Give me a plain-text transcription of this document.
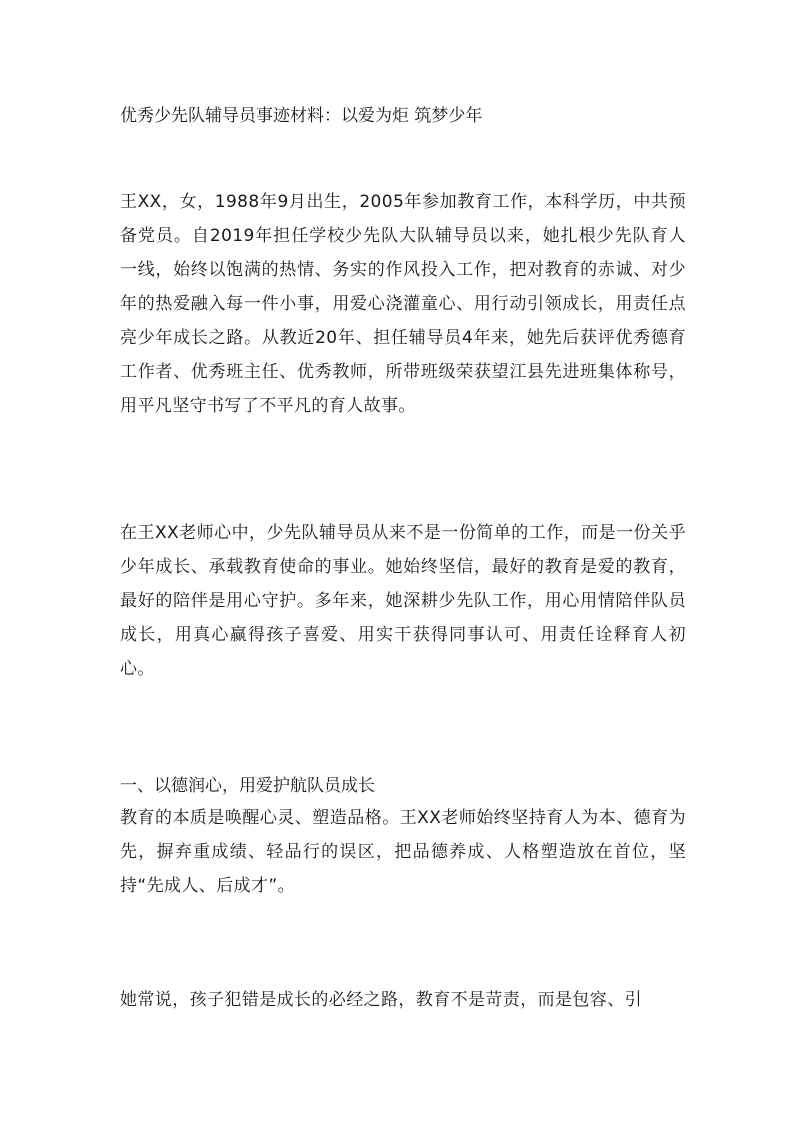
优秀少先队辅导员事迹材料：以爱为炬 筑梦少年

王XX，女，1988年9月出生，2005年参加教育工作，本科学历，中共预备党员。自2019年担任学校少先队大队辅导员以来，她扎根少先队育人一线，始终以饱满的热情、务实的作风投入工作，把对教育的赤诚、对少年的热爱融入每一件小事，用爱心浇灌童心、用行动引领成长，用责任点亮少年成长之路。从教近20年、担任辅导员4年来，她先后获评优秀德育工作者、优秀班主任、优秀教师，所带班级荣获望江县先进班集体称号，用平凡坚守书写了不平凡的育人故事。

在王XX老师心中，少先队辅导员从来不是一份简单的工作，而是一份关乎少年成长、承载教育使命的事业。她始终坚信，最好的教育是爱的教育，最好的陪伴是用心守护。多年来，她深耕少先队工作，用心用情陪伴队员成长，用真心赢得孩子喜爱、用实干获得同事认可、用责任诠释育人初心。

一、以德润心，用爱护航队员成长

教育的本质是唤醒心灵、塑造品格。王XX老师始终坚持育人为本、德育为先，摒弃重成绩、轻品行的误区，把品德养成、人格塑造放在首位，坚持“先成人、后成才”。

她常说，孩子犯错是成长的必经之路，教育不是苛责，而是包容、引
